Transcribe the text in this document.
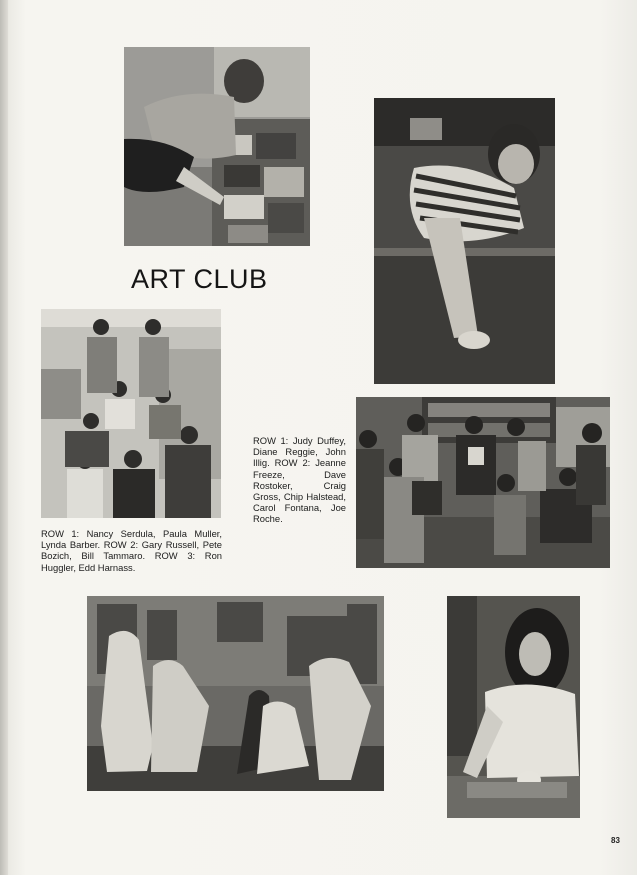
ART CLUB
ROW 1: Judy Duffey, Diane Reggie, John Illig. ROW 2: Jeanne Freeze, Dave Rostoker, Craig Gross, Chip Halstead, Carol Fontana, Joe Roche.
ROW 1: Nancy Serdula, Paula Muller, Lynda Barber. ROW 2: Gary Russell, Pete Bozich, Bill Tammaro. ROW 3: Ron Huggler, Edd Harnass.
83
